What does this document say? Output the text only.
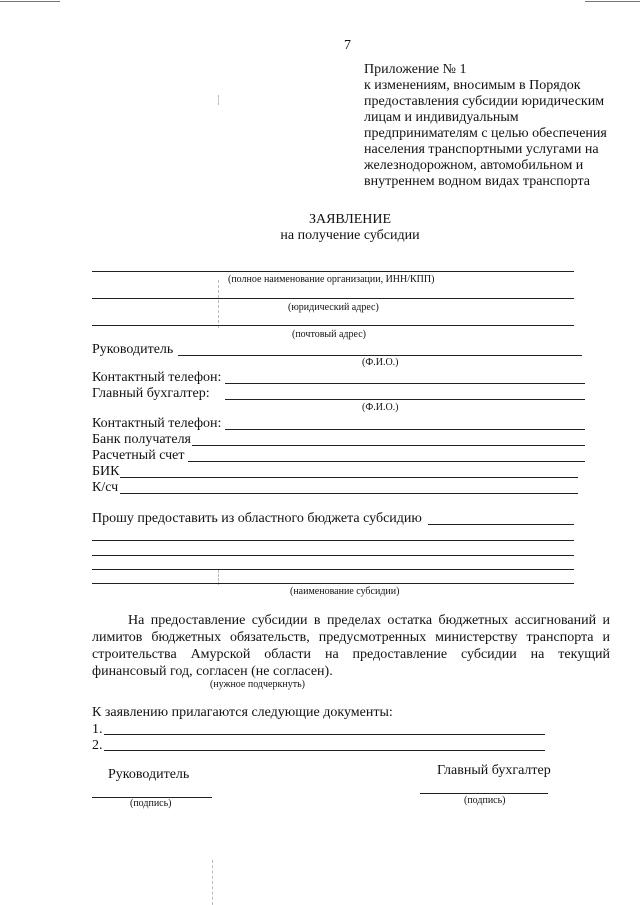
7
Приложение № 1
к изменениям, вносимым в Порядок
предоставления субсидии юридическим
лицам и индивидуальным
предпринимателям с целью обеспечения
населения транспортными услугами на
железнодорожном, автомобильном и
внутреннем водном видах транспорта
ЗАЯВЛЕНИЕ
на получение субсидии
(полное наименование организации, ИНН/КПП)
(юридический адрес)
(почтовый адрес)
Руководитель
(Ф.И.О.)
Контактный телефон:
Главный бухгалтер:
(Ф.И.О.)
Контактный телефон:
Банк получателя
Расчетный счет
БИК
К/сч
Прошу предоставить из областного бюджета субсидию
(наименование субсидии)
На предоставление субсидии в пределах остатка бюджетных ассигнований и лимитов бюджетных обязательств, предусмотренных министерству транспорта и строительства Амурской области на предоставление субсидии на текущий финансовый год, согласен (не согласен).
(нужное подчеркнуть)
К заявлению прилагаются следующие документы:
1.
2.
Руководитель	Главный бухгалтер
(подпись)	(подпись)
